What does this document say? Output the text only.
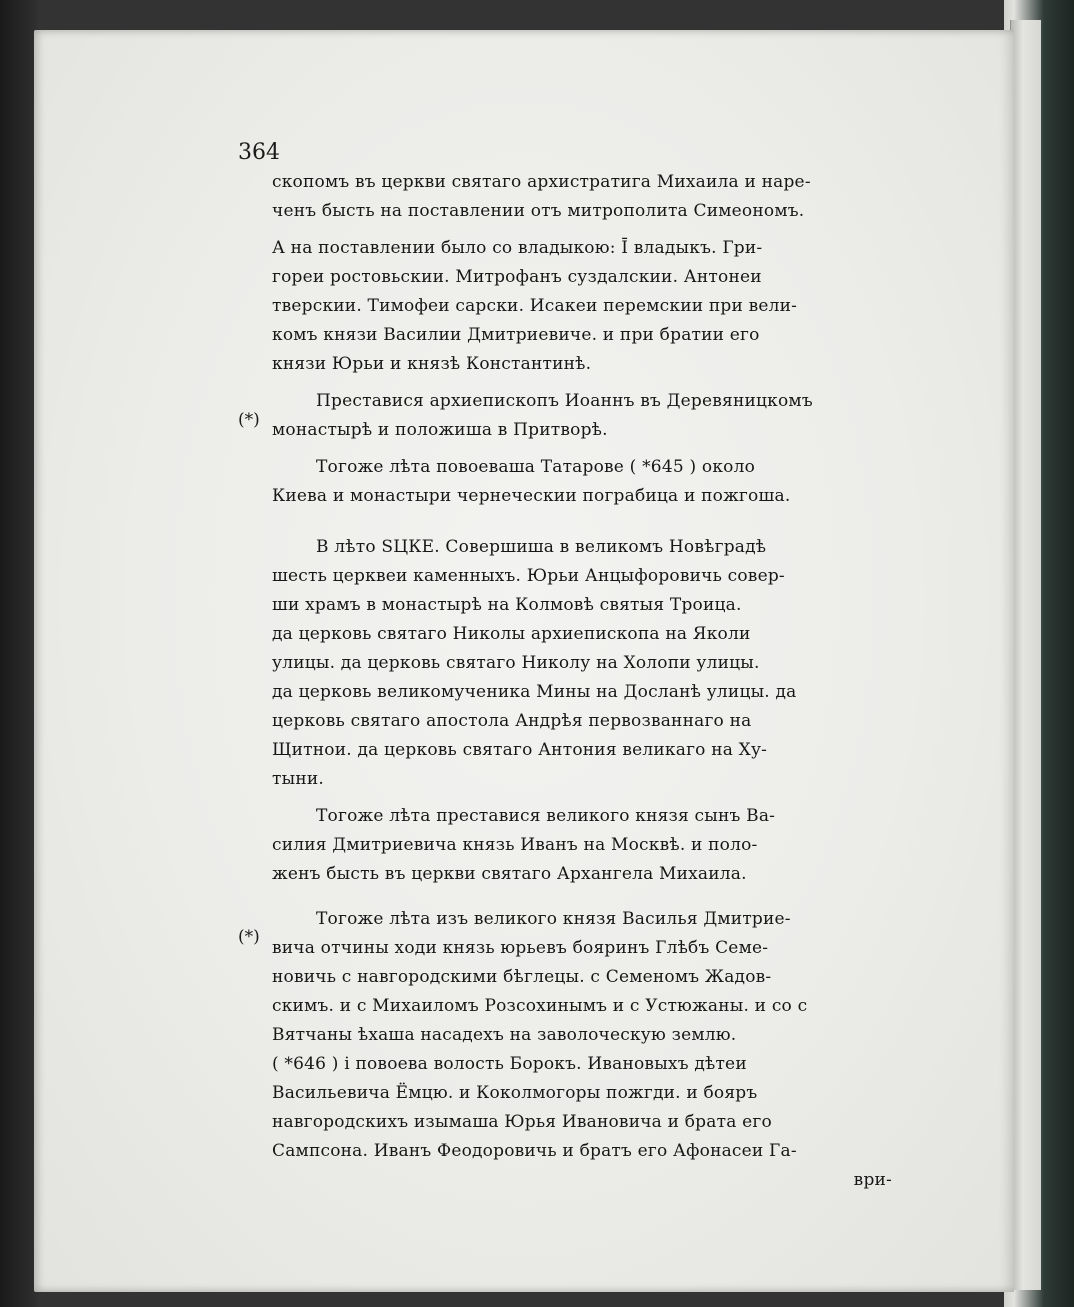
364
(*)
(*)
скопомъ въ церкви святаго архистратига Михаила и наре-
ченъ бысть на поставлении отъ митрополита Симеономъ.
А на поставлении было со владыкою: Ī владыкъ. Гри-
гореи ростовьскии. Митрофанъ суздалскии. Антонеи
тверскии. Тимофеи сарски. Исакеи перемскии при вели-
комъ князи Василии Дмитриевиче. и при братии его
князи Юрьи и князѣ Константинѣ.
Преставися архиепископъ Иоаннъ въ Деревяницкомъ
монастырѣ и положиша в Притворѣ.
Тогоже лѣта повоеваша Татарове ( *645 ) около
Киева и монастыри чернеческии пограбица и пожгоша.
В лѣто ЅЦКЕ. Совершиша в великомъ Новѣградѣ
шесть церквеи каменныхъ. Юрьи Анцыфоровичь совер-
ши храмъ в монастырѣ на Колмовѣ святыя Троица.
да церковь святаго Николы архиепископа на Яколи
улицы. да церковь святаго Николу на Холопи улицы.
да церковь великомученика Мины на Досланѣ улицы. да
церковь святаго апостола Андрѣя первозваннаго на
Щитнои. да церковь святаго Антония великаго на Ху-
тыни.
Тогоже лѣта преставися великого князя сынъ Ва-
силия Дмитриевича князь Иванъ на Москвѣ. и поло-
женъ бысть въ церкви святаго Архангела Михаила.
Тогоже лѣта изъ великого князя Василья Дмитрие-
вича отчины ходи князь юрьевъ бояринъ Глѣбъ Семе-
новичь с навгородскими бѣглецы. с Семеномъ Жадов-
скимъ. и с Михаиломъ Розсохинымъ и с Устюжаны. и со с
Вятчаны ѣхаша насадехъ на заволоческую землю.
( *646 ) і повоева волость Борокъ. Ивановыхъ дѣтеи
Васильевича Ёмцю. и Коколмогоры пожгди. и бояръ
навгородскихъ изымаша Юрья Ивановича и брата его
Сампсона. Иванъ Феодоровичь и братъ его Афонасеи Га-
ври-
